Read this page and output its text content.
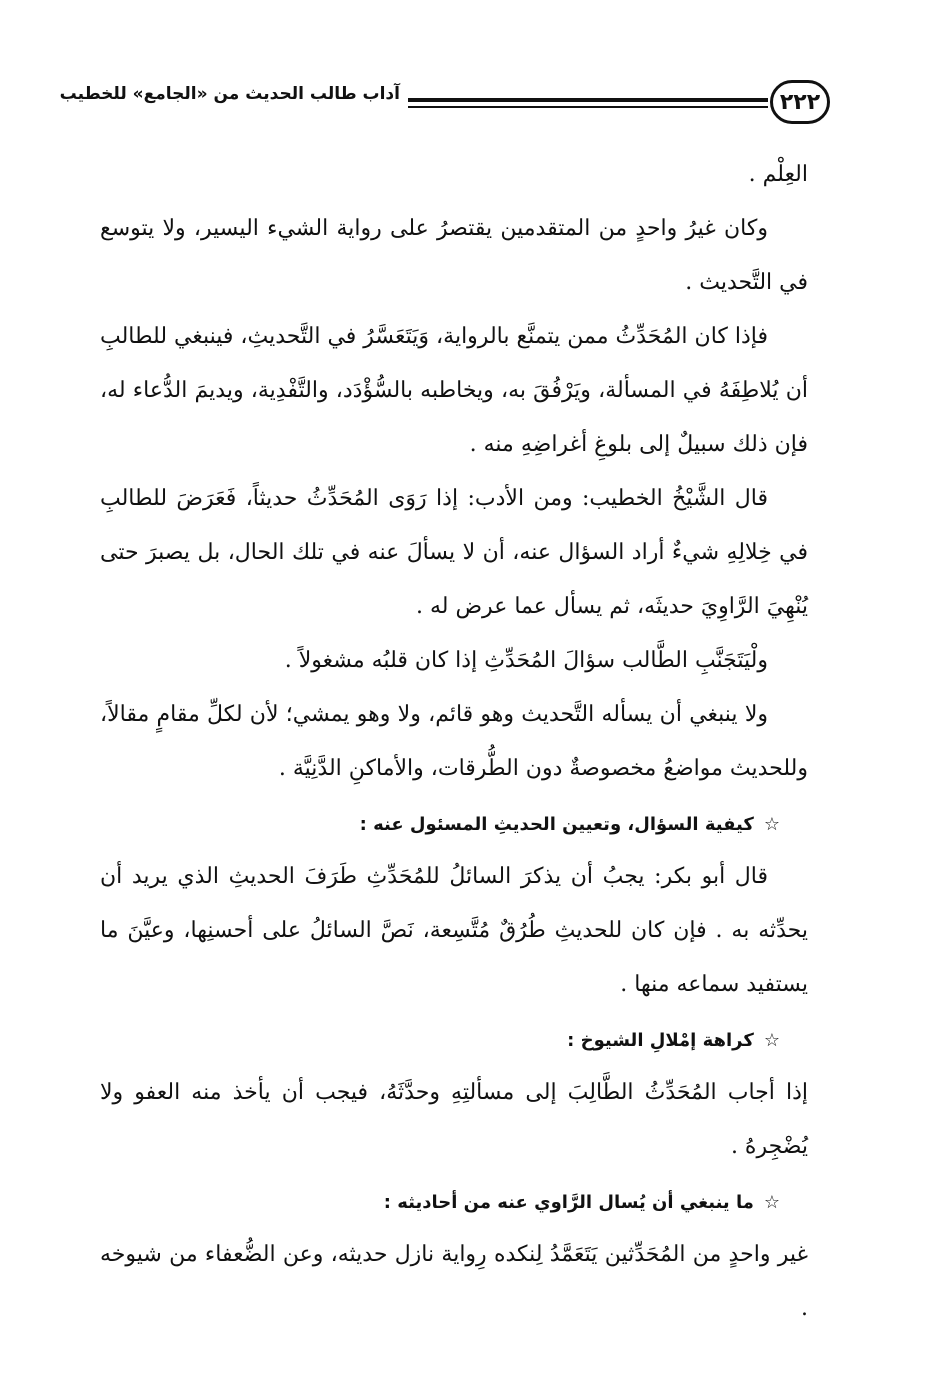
٢٢٢
آداب طالب الحديث من «الجامع» للخطيب

العِلْم .

وكان غيرُ واحدٍ من المتقدمين يقتصرُ على رواية الشيء اليسير، ولا يتوسع في التَّحديث .

فإذا كان المُحَدِّثُ ممن يتمنَّع بالرواية، وَيَتَعَسَّرُ في التَّحديثِ، فينبغي للطالبِ أن يُلاطِفَهُ في المسألة، ويَرْفُقَ به، ويخاطبه بالسُّؤْدَد، والتَّفْدِية، ويديمَ الدُّعاء له، فإن ذلك سبيلٌ إلى بلوغِ أغراضِهِ منه .

قال الشَّيْخُ الخطيب: ومن الأدب: إذا رَوَى المُحَدِّثُ حديثاً، فَعَرَضَ للطالبِ في خِلالِهِ شيءٌ أراد السؤال عنه، أن لا يسألَ عنه في تلك الحال، بل يصبرَ حتى يُنْهِيَ الرَّاوِيَ حديثَه، ثم يسأل عما عرض له .

ولْيَتَجَنَّبِ الطَّالب سؤالَ المُحَدِّثِ إذا كان قلبُه مشغولاً .

ولا ينبغي أن يسأله التَّحديث وهو قائم، ولا وهو يمشي؛ لأن لكلِّ مقامٍ مقالاً، وللحديث مواضعُ مخصوصةٌ دون الطُّرقات، والأماكنِ الدَّنِيَّة .

☆كيفية السؤال، وتعيين الحديثِ المسئول عنه :

قال أبو بكر: يجبُ أن يذكرَ السائلُ للمُحَدِّثِ طَرَفَ الحديثِ الذي يريد أن يحدِّثه به . فإن كان للحديثِ طُرُقٌ مُتَّسِعة، نَصَّ السائلُ على أحسنِها، وعيَّنَ ما يستفيد سماعه منها .

☆كراهة إمْلالِ الشيوخ :

إذا أجاب المُحَدِّثُ الطَّالِبَ إلى مسألتِهِ وحدَّثَهُ، فيجب أن يأخذ منه العفو ولا يُضْجِرهُ .

☆ما ينبغي أن يُسال الرَّاوي عنه من أحاديثه :

غير واحدٍ من المُحَدِّثين يَتَعَمَّدُ لِنكده رِواية نازل حديثه، وعن الضُّعفاء من شيوخه .
